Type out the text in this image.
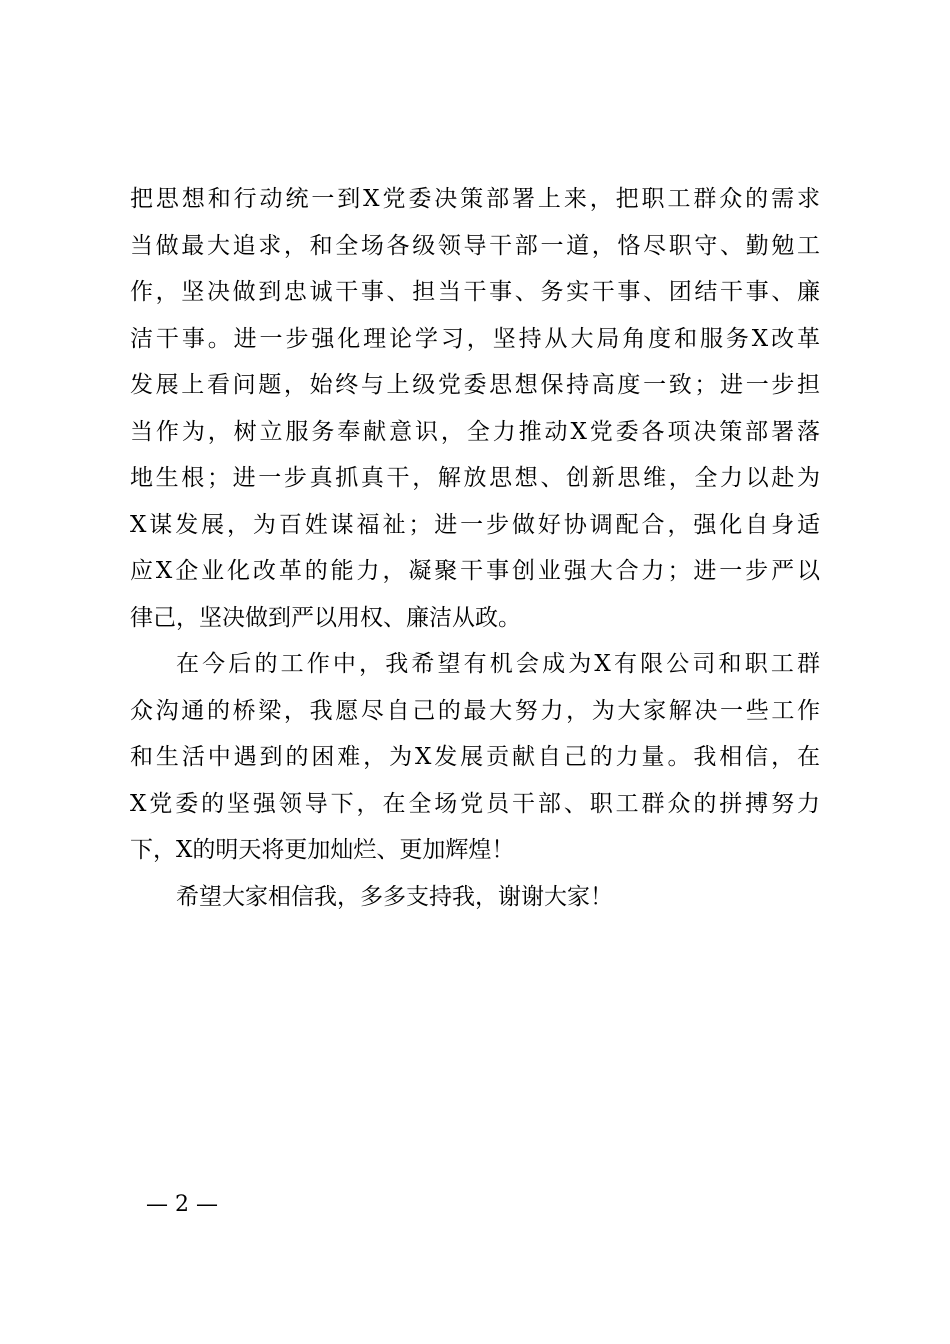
把思想和行动统一到X党委决策部署上来，把职工群众的需求
当做最大追求，和全场各级领导干部一道，恪尽职守、勤勉工
作，坚决做到忠诚干事、担当干事、务实干事、团结干事、廉
洁干事。进一步强化理论学习，坚持从大局角度和服务X改革
发展上看问题，始终与上级党委思想保持高度一致；进一步担
当作为，树立服务奉献意识，全力推动X党委各项决策部署落
地生根；进一步真抓真干，解放思想、创新思维，全力以赴为
X谋发展，为百姓谋福祉；进一步做好协调配合，强化自身适
应X企业化改革的能力，凝聚干事创业强大合力；进一步严以
律己，坚决做到严以用权、廉洁从政。
在今后的工作中，我希望有机会成为X有限公司和职工群
众沟通的桥梁，我愿尽自己的最大努力，为大家解决一些工作
和生活中遇到的困难，为X发展贡献自己的力量。我相信，在
X党委的坚强领导下，在全场党员干部、职工群众的拼搏努力
下，X的明天将更加灿烂、更加辉煌！
希望大家相信我，多多支持我，谢谢大家！
— 2 —
